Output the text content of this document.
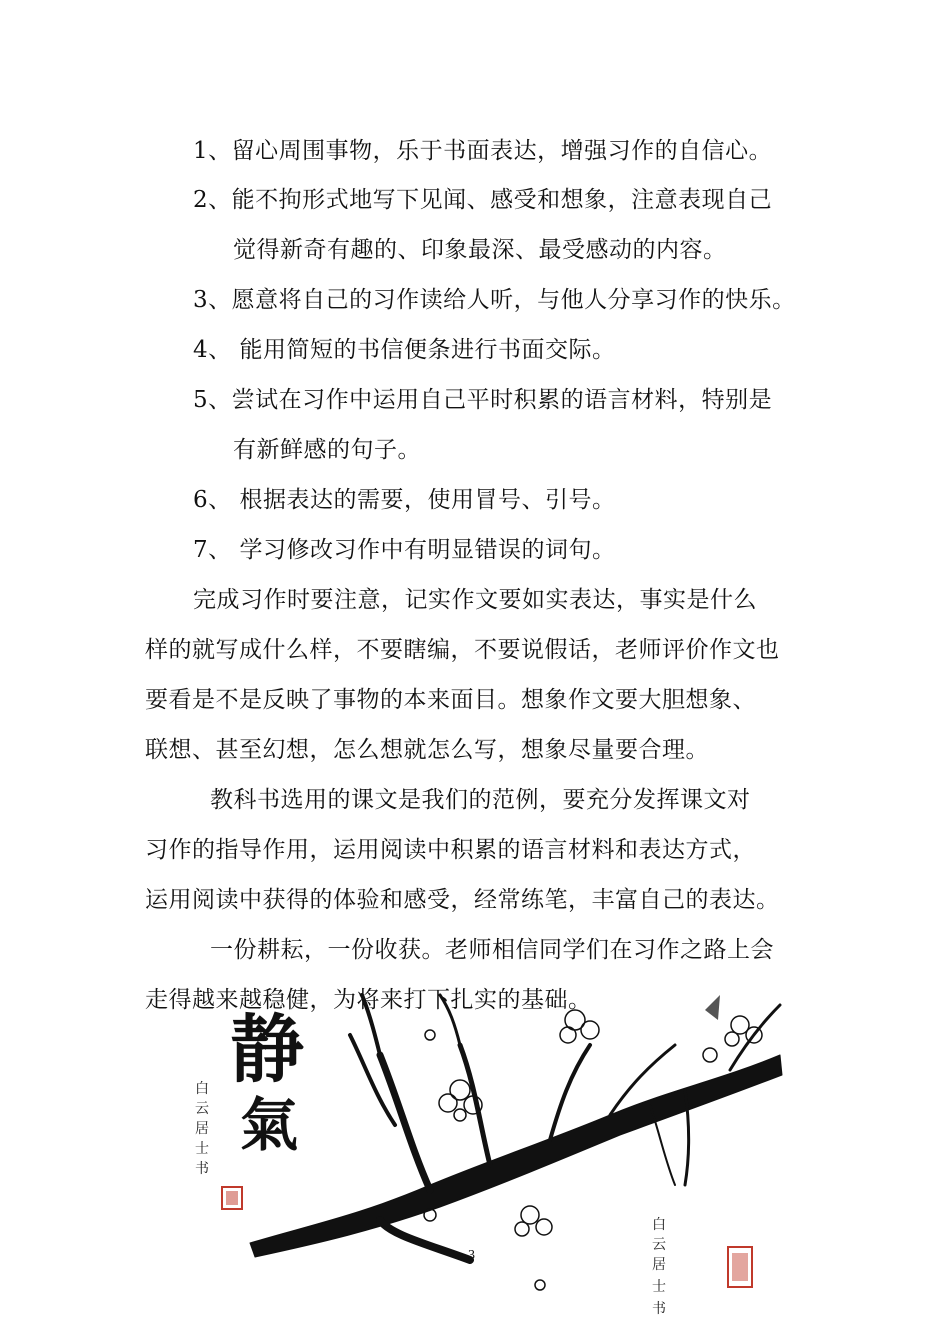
1、留心周围事物，乐于书面表达，增强习作的自信心。
2、能不拘形式地写下见闻、感受和想象，注意表现自己
觉得新奇有趣的、印象最深、最受感动的内容。
3、愿意将自己的习作读给人听，与他人分享习作的快乐。
4、 能用简短的书信便条进行书面交际。
5、尝试在习作中运用自己平时积累的语言材料，特别是
有新鲜感的句子。
6、 根据表达的需要，使用冒号、引号。
7、 学习修改习作中有明显错误的词句。
完成习作时要注意，记实作文要如实表达，事实是什么
样的就写成什么样，不要瞎编，不要说假话，老师评价作文也
要看是不是反映了事物的本来面目。想象作文要大胆想象、
联想、甚至幻想，怎么想就怎么写，想象尽量要合理。
教科书选用的课文是我们的范例，要充分发挥课文对
习作的指导作用，运用阅读中积累的语言材料和表达方式，
运用阅读中获得的体验和感受，经常练笔，丰富自己的表达。
一份耕耘，一份收获。老师相信同学们在习作之路上会
走得越来越稳健，为将来打下扎实的基础。
静
氣
白
云
居
士
书
白
云
居
士
书
3
